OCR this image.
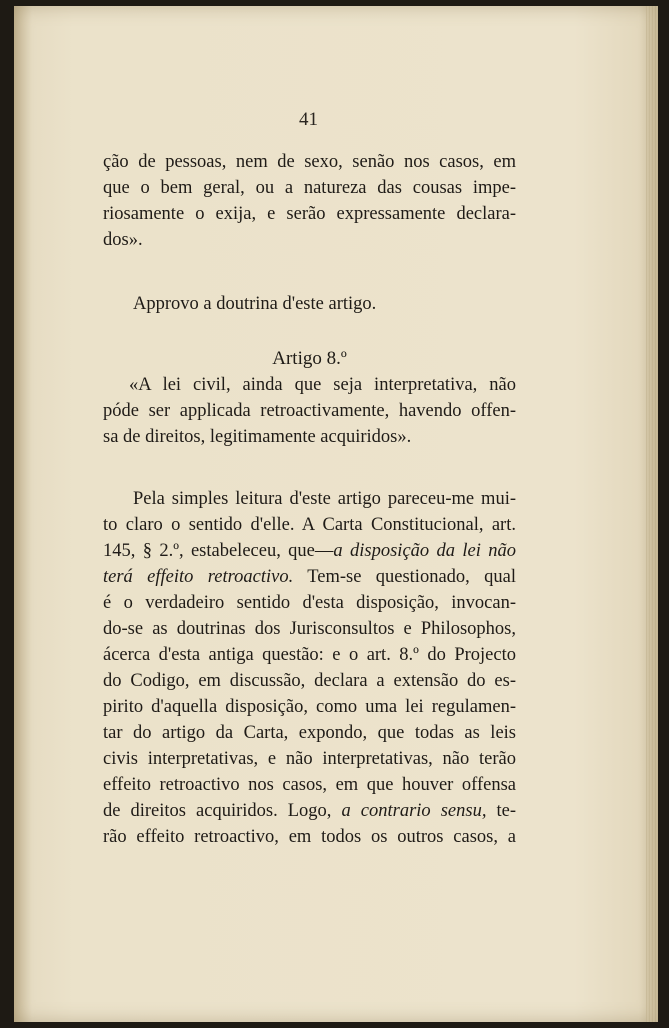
41
ção de pessoas, nem de sexo, senão nos casos, em
que o bem geral, ou a natureza das cousas impe-
riosamente o exija, e serão expressamente declara-
dos».
Approvo a doutrina d'este artigo.
Artigo 8.º
«A lei civil, ainda que seja interpretativa, não
póde ser applicada retroactivamente, havendo offen-
sa de direitos, legitimamente acquiridos».
Pela simples leitura d'este artigo pareceu-me mui-
to claro o sentido d'elle. A Carta Constitucional, art.
145, § 2.º, estabeleceu, que—a disposição da lei não
terá effeito retroactivo. Tem-se questionado, qual
é o verdadeiro sentido d'esta disposição, invocan-
do-se as doutrinas dos Jurisconsultos e Philosophos,
ácerca d'esta antiga questão: e o art. 8.º do Projecto
do Codigo, em discussão, declara a extensão do es-
pirito d'aquella disposição, como uma lei regulamen-
tar do artigo da Carta, expondo, que todas as leis
civis interpretativas, e não interpretativas, não terão
effeito retroactivo nos casos, em que houver offensa
de direitos acquiridos. Logo, a contrario sensu, te-
rão effeito retroactivo, em todos os outros casos, a
